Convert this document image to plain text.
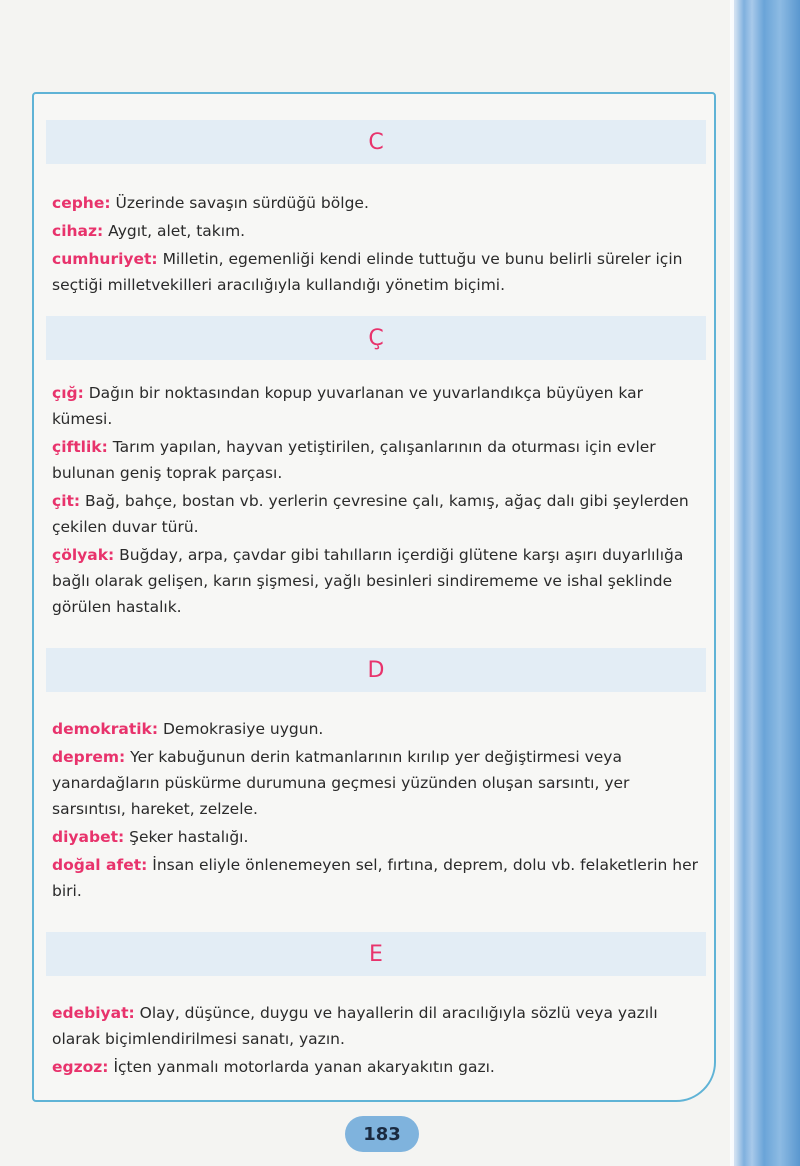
C

cephe: Üzerinde savaşın sürdüğü bölge.

cihaz: Aygıt, alet, takım.

cumhuriyet: Milletin, egemenliği kendi elinde tuttuğu ve bunu belirli süreler için seçtiği milletvekilleri aracılığıyla kullandığı yönetim biçimi.

Ç

çığ: Dağın bir noktasından kopup yuvarlanan ve yuvarlandıkça büyüyen kar kümesi.

çiftlik: Tarım yapılan, hayvan yetiştirilen, çalışanlarının da oturması için evler bulunan geniş toprak parçası.

çit: Bağ, bahçe, bostan vb. yerlerin çevresine çalı, kamış, ağaç dalı gibi şeylerden çekilen duvar türü.

çölyak: Buğday, arpa, çavdar gibi tahılların içerdiği glütene karşı aşırı duyarlılığa bağlı olarak gelişen, karın şişmesi, yağlı besinleri sindirememe ve ishal şeklinde görülen hastalık.

D

demokratik: Demokrasiye uygun.

deprem: Yer kabuğunun derin katmanlarının kırılıp yer değiştirmesi veya yanardağların püskürme durumuna geçmesi yüzünden oluşan sarsıntı, yer sarsıntısı, hareket, zelzele.

diyabet: Şeker hastalığı.

doğal afet: İnsan eliyle önlenemeyen sel, fırtına, deprem, dolu vb. felaketlerin her biri.

E

edebiyat: Olay, düşünce, duygu ve hayallerin dil aracılığıyla sözlü veya yazılı olarak biçimlendirilmesi sanatı, yazın.

egzoz: İçten yanmalı motorlarda yanan akaryakıtın gazı.

183
